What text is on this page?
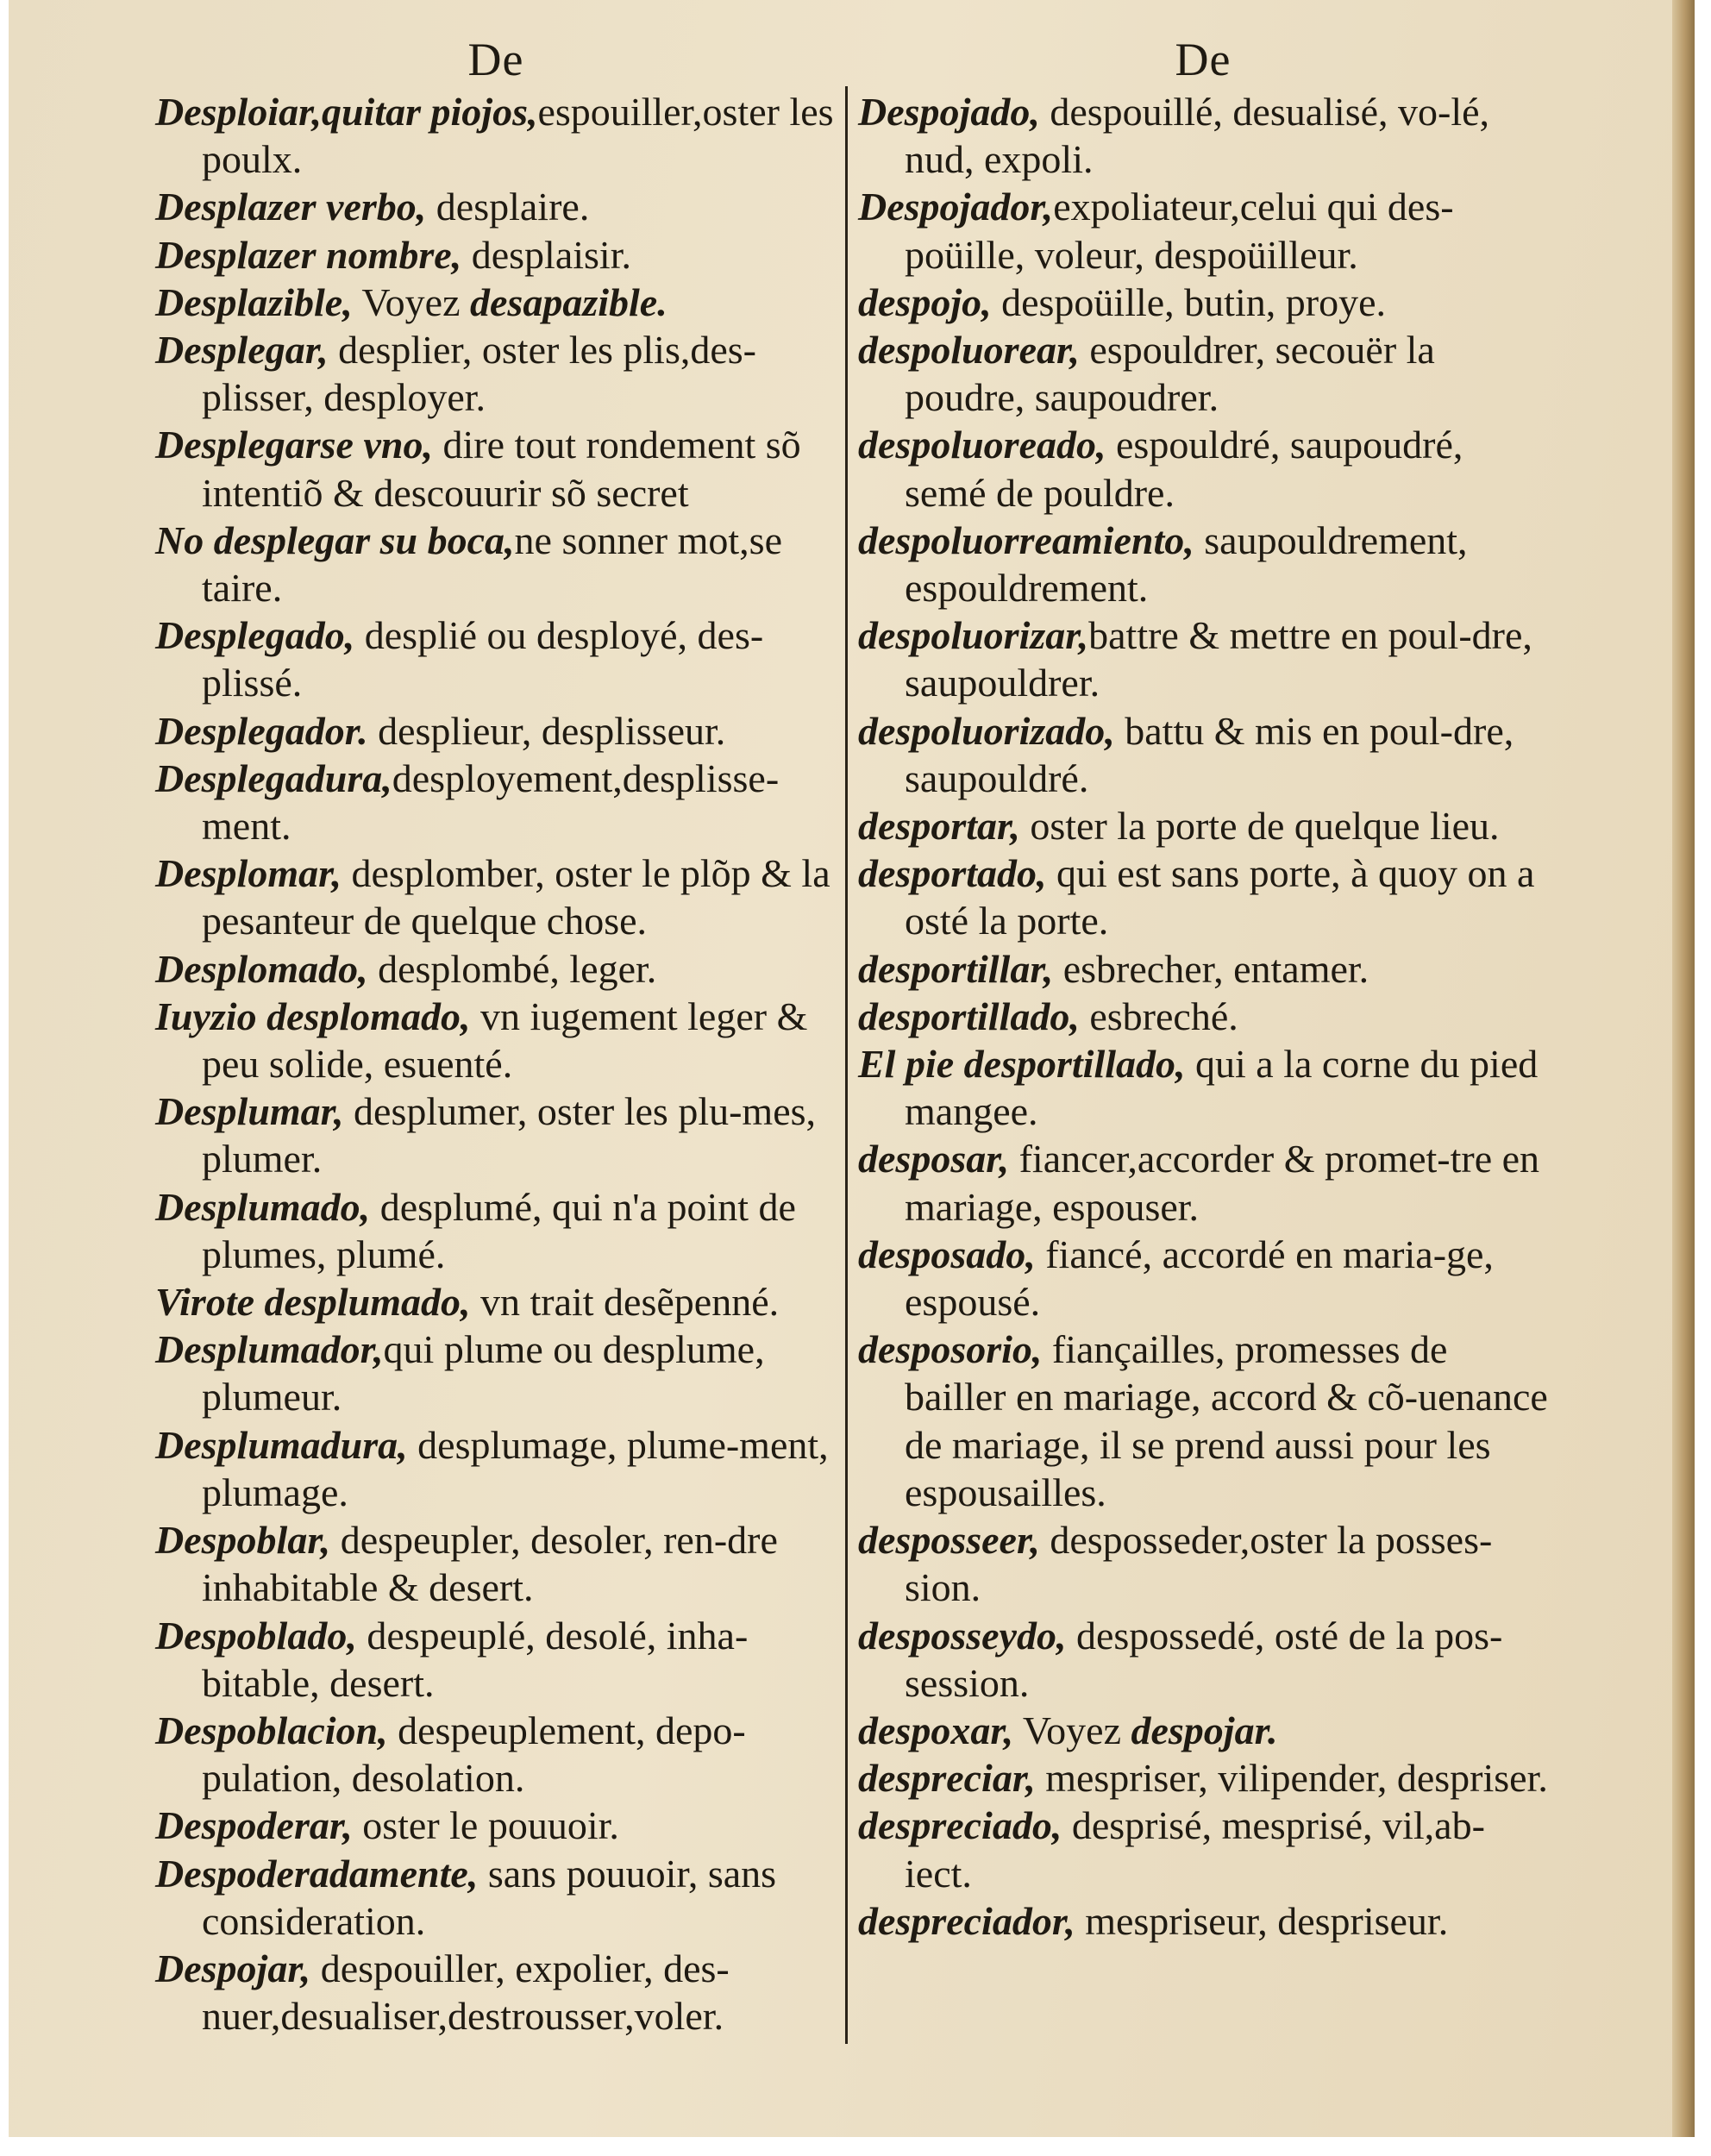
De
Desploiar,quitar piojos,espouiller,oster les poulx.
Desplazer verbo, desplaire.
Desplazer nombre, desplaisir.
Desplazible, Voyez desapazible.
Desplegar, desplier, oster les plis,des-plisser, desployer.
Desplegarse vno, dire tout rondement sõ intentiõ & descouurir sõ secret
No desplegar su boca,ne sonner mot,se taire.
Desplegado, desplié ou desployé, des-plissé.
Desplegador. desplieur, desplisseur.
Desplegadura,desployement,desplisse-ment.
Desplomar, desplomber, oster le plõp & la pesanteur de quelque chose.
Desplomado, desplombé, leger.
Iuyzio desplomado, vn iugement leger & peu solide, esuenté.
Desplumar, desplumer, oster les plu-mes, plumer.
Desplumado, desplumé, qui n'a point de plumes, plumé.
Virote desplumado, vn trait desẽpenné.
Desplumador,qui plume ou desplume, plumeur.
Desplumadura, desplumage, plume-ment, plumage.
Despoblar, despeupler, desoler, ren-dre inhabitable & desert.
Despoblado, despeuplé, desolé, inha-bitable, desert.
Despoblacion, despeuplement, depo-pulation, desolation.
Despoderar, oster le pouuoir.
Despoderadamente, sans pouuoir, sans consideration.
Despojar, despouiller, expolier, des-nuer,desualiser,destrousser,voler.
De
Despojado, despouillé, desualisé, vo-lé, nud, expoli.
Despojador,expoliateur,celui qui des-poüille, voleur, despoüilleur.
despojo, despoüille, butin, proye.
despoluorear, espouldrer, secouër la poudre, saupoudrer.
despoluoreado, espouldré, saupoudré, semé de pouldre.
despoluorreamiento, saupouldrement, espouldrement.
despoluorizar,battre & mettre en poul-dre, saupouldrer.
despoluorizado, battu & mis en poul-dre, saupouldré.
desportar, oster la porte de quelque lieu.
desportado, qui est sans porte, à quoy on a osté la porte.
desportillar, esbrecher, entamer.
desportillado, esbreché.
El pie desportillado, qui a la corne du pied mangee.
desposar, fiancer,accorder & promet-tre en mariage, espouser.
desposado, fiancé, accordé en maria-ge, espousé.
desposorio, fiançailles, promesses de bailler en mariage, accord & cõ-uenance de mariage, il se prend aussi pour les espousailles.
desposseer, desposseder,oster la posses-sion.
desposseydo, despossedé, osté de la pos-session.
despoxar, Voyez despojar.
despreciar, mespriser, vilipender, despriser.
despreciado, desprisé, mesprisé, vil,ab-iect.
despreciador, mespriseur, despriseur.
